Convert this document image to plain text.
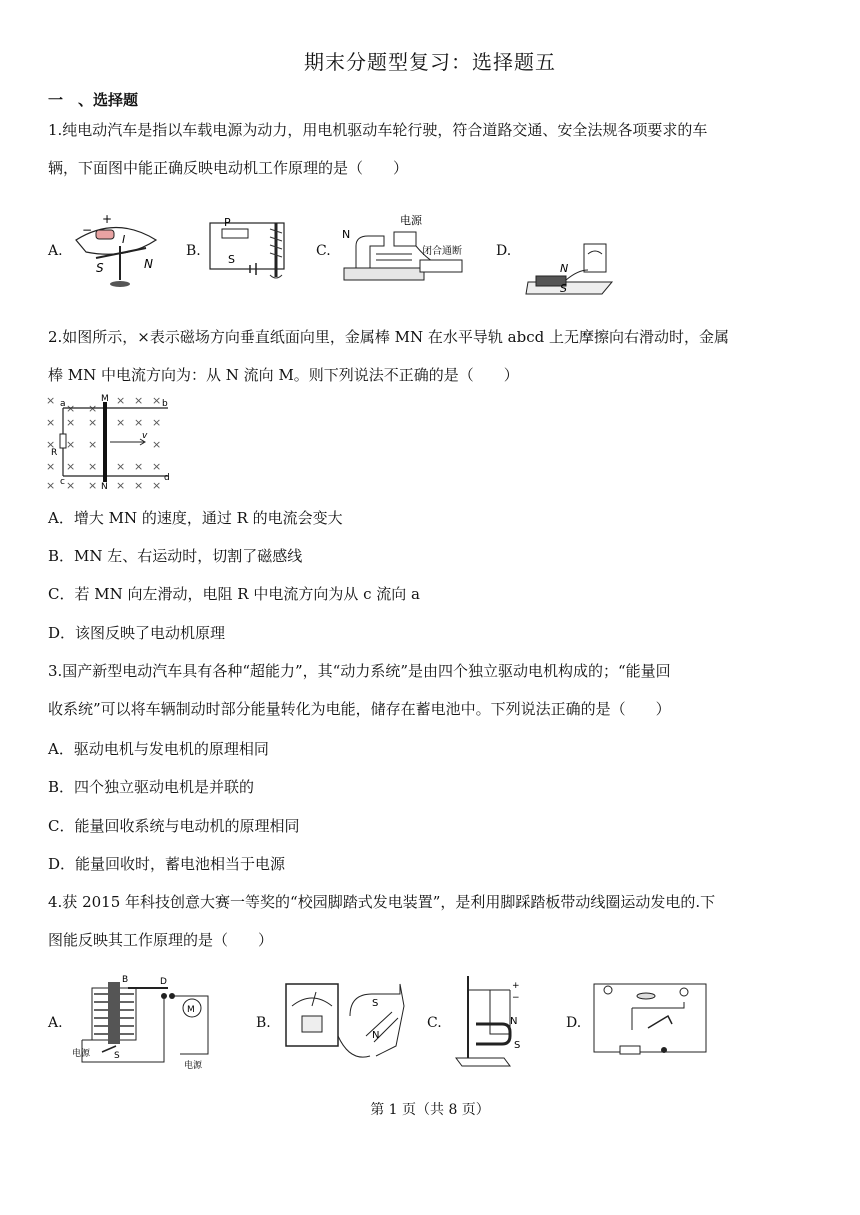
期末分题型复习：选择题五
一　、选择题
1.纯电动汽车是指以车载电源为动力，用电机驱动车轮行驶，符合道路交通、安全法规各项要求的车
辆，下面图中能正确反映电动机工作原理的是（　　）
A.	B.	C.	D.
+
−
I
S	N
P
S
电源
N
闭合通断
N
S
2.如图所示，×表示磁场方向垂直纸面向里，金属棒 MN 在水平导轨 abcd 上无摩擦向右滑动时，金属
棒 MN 中电流方向为：从 N 流向 M。则下列说法不正确的是（　　）
×
× ×
× × ×
× × × × × ×
× × ×	×
× × × × × ×
× × × × × ×
a	M	b
R
v
c	N
d
A．增大 MN 的速度，通过 R 的电流会变大
B．MN 左、右运动时，切割了磁感线
C．若 MN 向左滑动，电阻 R 中电流方向为从 c 流向 a
D．该图反映了电动机原理
3.国产新型电动汽车具有各种“超能力”，其“动力系统”是由四个独立驱动电机构成的；“能量回
收系统”可以将车辆制动时部分能量转化为电能，储存在蓄电池中。下列说法正确的是（　　）
A．驱动电机与发电机的原理相同
B．四个独立驱动电机是并联的
C．能量回收系统与电动机的原理相同
D．能量回收时，蓄电池相当于电源
4.获 2015 年科技创意大赛一等奖的“校园脚踏式发电装置”，是利用脚踩踏板带动线圈运动发电的.下
图能反映其工作原理的是（　　）
A.	B.	C.	D.
B	D
M
电源	S
电源
S
N
+
−
N
S
第 1 页（共 8 页）
